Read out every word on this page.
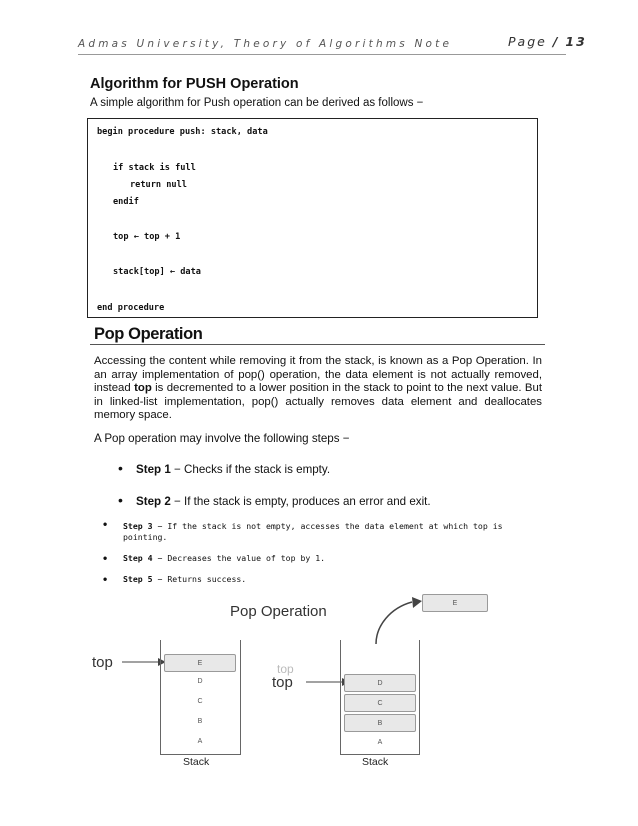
Admas University, Theory of Algorithms Note	Page / 13
Algorithm for PUSH Operation
A simple algorithm for Push operation can be derived as follows −
begin procedure push: stack, data
if stack is full
return null
endif
top ← top + 1
stack[top] ← data
end procedure
Pop Operation
Accessing the content while removing it from the stack, is known as a Pop Operation. In an array implementation of pop() operation, the data element is not actually removed, instead top is decremented to a lower position in the stack to point to the next value. But in linked-list implementation, pop() actually removes data element and deallocates memory space.
A Pop operation may involve the following steps −
• Step 1 − Checks if the stack is empty.
• Step 2 − If the stack is empty, produces an error and exit.
• Step 3 − If the stack is not empty, accesses the data element at which top is pointing.
• Step 4 − Decreases the value of top by 1.
• Step 5 − Returns success.
Pop Operation
top	E
D
C
B
A
Stack
top
top	D
C
B
A
Stack
E
